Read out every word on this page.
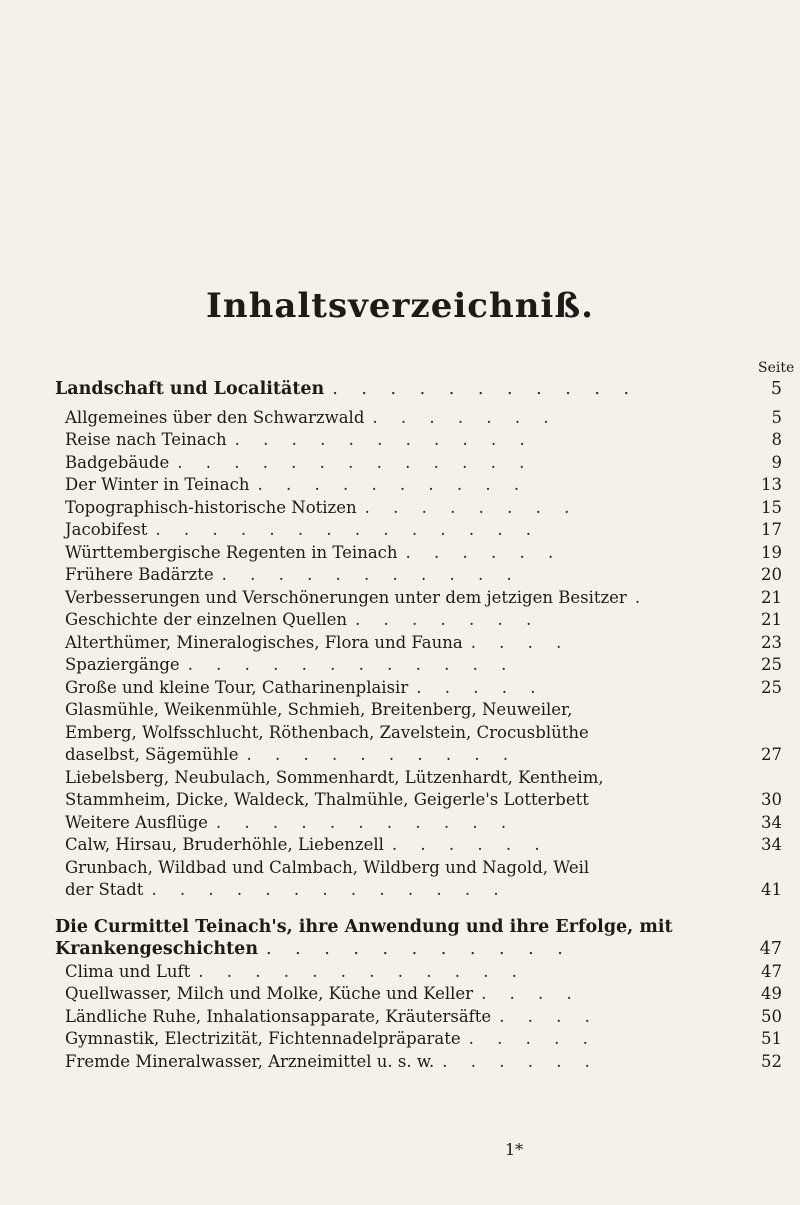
Inhaltsverzeichniß.
Seite
Landschaft und Localitäten . . . . . . . . . . .	5
Allgemeines über den Schwarzwald . . . . . . .	5
Reise nach Teinach . . . . . . . . . . .	8
Badgebäude . . . . . . . . . . . . .	9
Der Winter in Teinach . . . . . . . . . .	13
Topographisch-historische Notizen . . . . . . . .	15
Jacobifest . . . . . . . . . . . . . .	17
Württembergische Regenten in Teinach . . . . . .	19
Frühere Badärzte . . . . . . . . . . .	20
Verbesserungen und Verschönerungen unter dem jetzigen Besitzer .	21
Geschichte der einzelnen Quellen . . . . . . .	21
Alterthümer, Mineralogisches, Flora und Fauna . . . .	23
Spaziergänge . . . . . . . . . . . .	25
Große und kleine Tour, Catharinenplaisir . . . . .	25
Glasmühle, Weikenmühle, Schmieh, Breitenberg, Neuweiler,
Emberg, Wolfsschlucht, Röthenbach, Zavelstein, Crocusblüthe
daselbst, Sägemühle . . . . . . . . . .	27
Liebelsberg, Neubulach, Sommenhardt, Lützenhardt, Kentheim,
Stammheim, Dicke, Waldeck, Thalmühle, Geigerle's Lotterbett	30
Weitere Ausflüge . . . . . . . . . . .	34
Calw, Hirsau, Bruderhöhle, Liebenzell . . . . . .	34
Grunbach, Wildbad und Calmbach, Wildberg und Nagold, Weil
der Stadt . . . . . . . . . . . . .	41
Die Curmittel Teinach's, ihre Anwendung und ihre Erfolge, mit
Krankengeschichten . . . . . . . . . . .	47
Clima und Luft . . . . . . . . . . . .	47
Quellwasser, Milch und Molke, Küche und Keller . . . .	49
Ländliche Ruhe, Inhalationsapparate, Kräutersäfte . . . .	50
Gymnastik, Electrizität, Fichtennadelpräparate . . . . .	51
Fremde Mineralwasser, Arzneimittel u. s. w. . . . . . .	52
1*
